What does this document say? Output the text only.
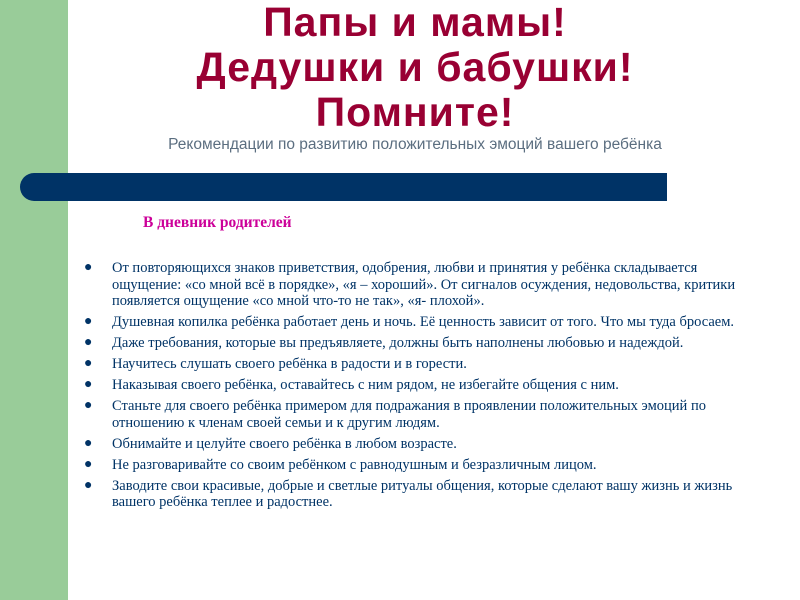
Папы и мамы!
Дедушки и бабушки!
Помните!
Рекомендации по развитию положительных эмоций вашего ребёнка
В дневник родителей
● От повторяющихся знаков приветствия, одобрения, любви и принятия у ребёнка складывается ощущение: «со мной всё в порядке», «я – хороший». От сигналов осуждения, недовольства, критики появляется ощущение «со мной что-то не так», «я- плохой».
● Душевная копилка ребёнка работает день и ночь. Её ценность зависит от того. Что мы туда бросаем.
● Даже требования, которые вы предъявляете, должны быть наполнены любовью и надеждой.
● Научитесь слушать своего ребёнка в радости и в горести.
● Наказывая своего ребёнка, оставайтесь с ним рядом, не избегайте общения с ним.
● Станьте для своего ребёнка примером для подражания в проявлении положительных эмоций по отношению к членам своей семьи и к другим людям.
● Обнимайте и целуйте своего ребёнка в любом возрасте.
● Не разговаривайте со своим ребёнком с равнодушным и безразличным лицом.
● Заводите свои красивые, добрые и светлые ритуалы общения, которые сделают вашу жизнь и жизнь вашего ребёнка теплее и радостнее.
